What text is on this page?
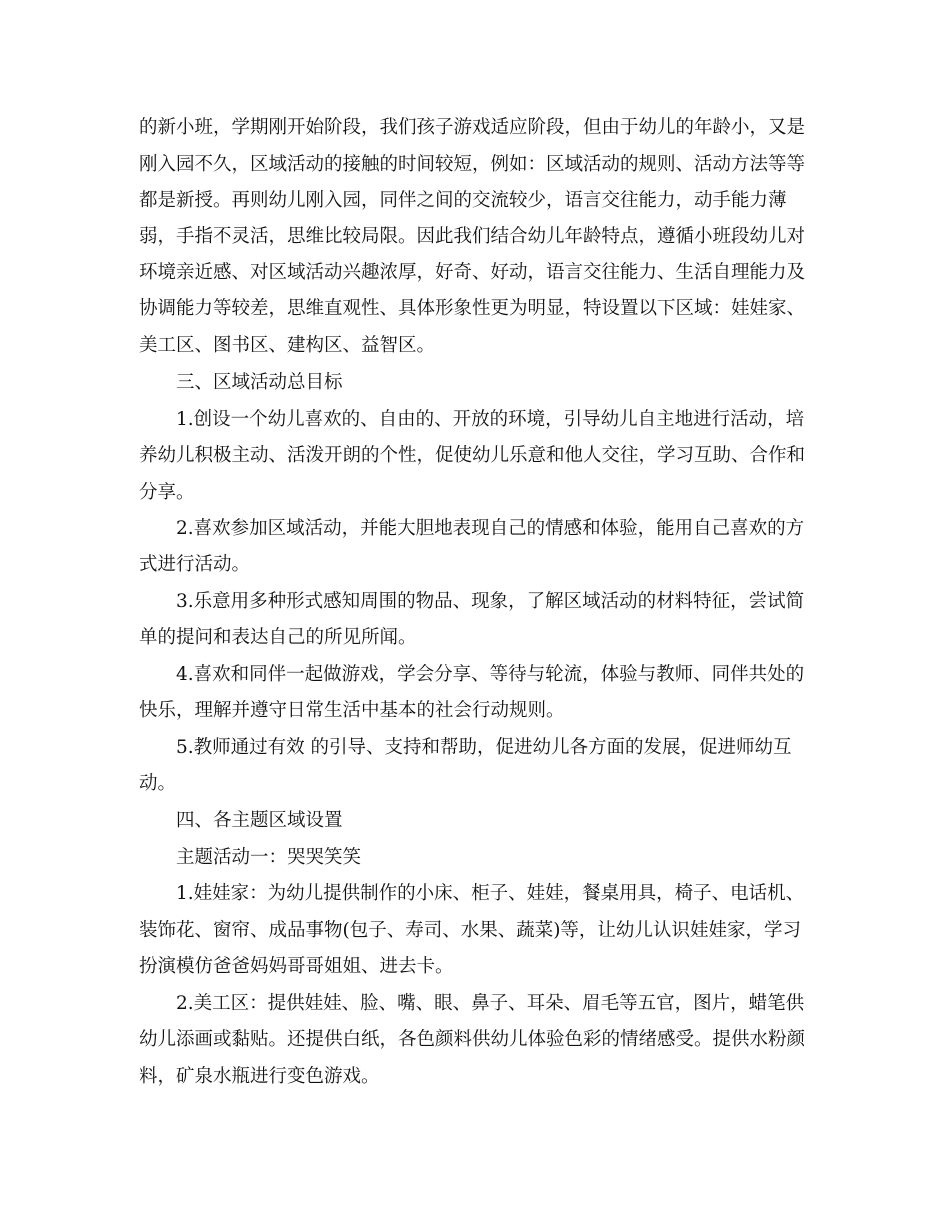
的新小班，学期刚开始阶段，我们孩子游戏适应阶段，但由于幼儿的年龄小，又是
刚入园不久，区域活动的接触的时间较短，例如：区域活动的规则、活动方法等等
都是新授。再则幼儿刚入园，同伴之间的交流较少，语言交往能力，动手能力薄
弱，手指不灵活，思维比较局限。因此我们结合幼儿年龄特点，遵循小班段幼儿对
环境亲近感、对区域活动兴趣浓厚，好奇、好动，语言交往能力、生活自理能力及
协调能力等较差，思维直观性、具体形象性更为明显，特设置以下区域：娃娃家、
美工区、图书区、建构区、益智区。
三、区域活动总目标
1.创设一个幼儿喜欢的、自由的、开放的环境，引导幼儿自主地进行活动，培
养幼儿积极主动、活泼开朗的个性，促使幼儿乐意和他人交往，学习互助、合作和
分享。
2.喜欢参加区域活动，并能大胆地表现自己的情感和体验，能用自己喜欢的方
式进行活动。
3.乐意用多种形式感知周围的物品、现象，了解区域活动的材料特征，尝试简
单的提问和表达自己的所见所闻。
4.喜欢和同伴一起做游戏，学会分享、等待与轮流，体验与教师、同伴共处的
快乐，理解并遵守日常生活中基本的社会行动规则。
5.教师通过有效 的引导、支持和帮助，促进幼儿各方面的发展，促进师幼互
动。
四、各主题区域设置
主题活动一：哭哭笑笑
1.娃娃家：为幼儿提供制作的小床、柜子、娃娃，餐桌用具，椅子、电话机、
装饰花、窗帘、成品事物(包子、寿司、水果、蔬菜)等，让幼儿认识娃娃家，学习
扮演模仿爸爸妈妈哥哥姐姐、进去卡。
2.美工区：提供娃娃、脸、嘴、眼、鼻子、耳朵、眉毛等五官，图片，蜡笔供
幼儿添画或黏贴。还提供白纸，各色颜料供幼儿体验色彩的情绪感受。提供水粉颜
料，矿泉水瓶进行变色游戏。
